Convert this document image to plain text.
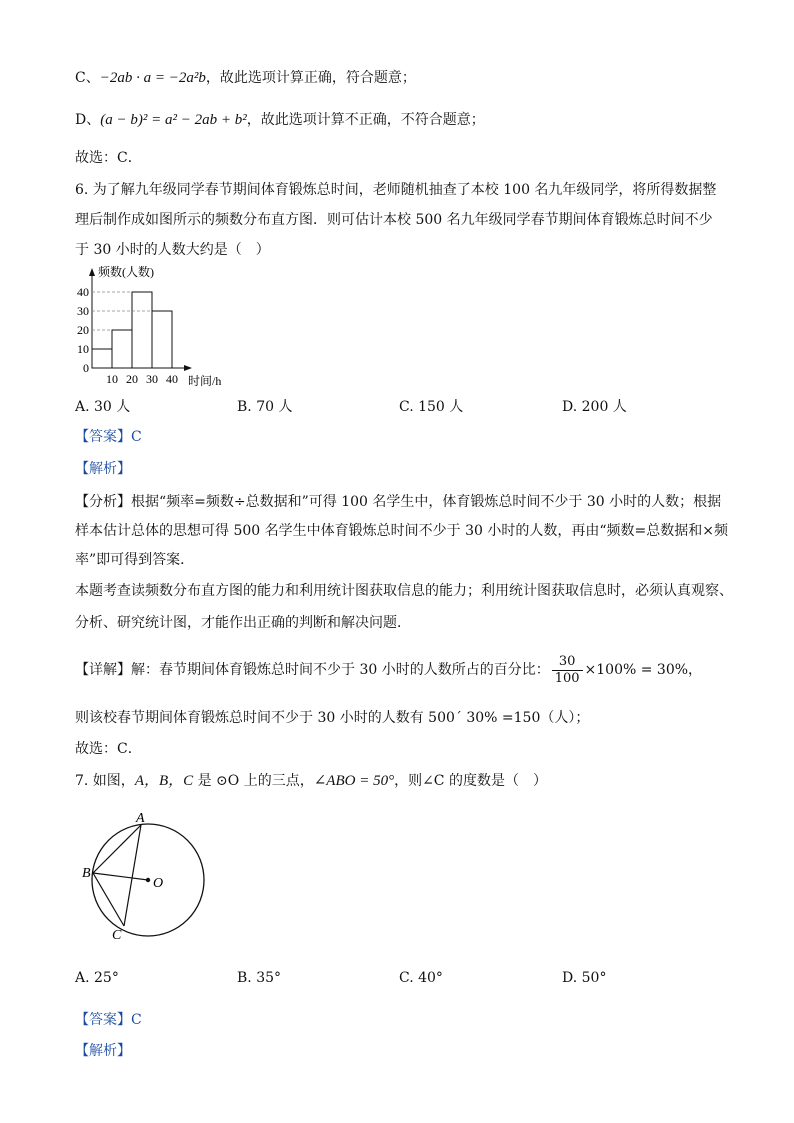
C、−2ab · a = −2a²b，故此选项计算正确，符合题意；
D、(a − b)² = a² − 2ab + b²，故此选项计算不正确，不符合题意；
故选：C．
6. 为了解九年级同学春节期间体育锻炼总时间，老师随机抽查了本校 100 名九年级同学，将所得数据整
理后制作成如图所示的频数分布直方图．则可估计本校 500 名九年级同学春节期间体育锻炼总时间不少
于 30 小时的人数大约是（　）
0
10
20
30
40
10 20 30 40
频数(人数)
时间/h
A. 30 人	B. 70 人	C. 150 人	D. 200 人
【答案】C
【解析】
【分析】根据“频率=频数÷总数据和”可得 100 名学生中，体育锻炼总时间不少于 30 小时的人数；根据
样本估计总体的思想可得 500 名学生中体育锻炼总时间不少于 30 小时的人数，再由“频数=总数据和×频
率”即可得到答案．
本题考查读频数分布直方图的能力和利用统计图获取信息的能力；利用统计图获取信息时，必须认真观察、
分析、研究统计图，才能作出正确的判断和解决问题．
【详解】解：春节期间体育锻炼总时间不少于 30 小时的人数所占的百分比： $\frac{30}{100} \times 100\% = 30\%$，
则该校春节期间体育锻炼总时间不少于 30 小时的人数有 500´ 30% =150（人）；
故选：C．
7. 如图，A，B，C 是 ⊙O 上的三点，∠ABO = 50°，则∠C 的度数是（　）
A
B
C
O
A. 25°	B. 35°	C. 40°	D. 50°
【答案】C
【解析】
